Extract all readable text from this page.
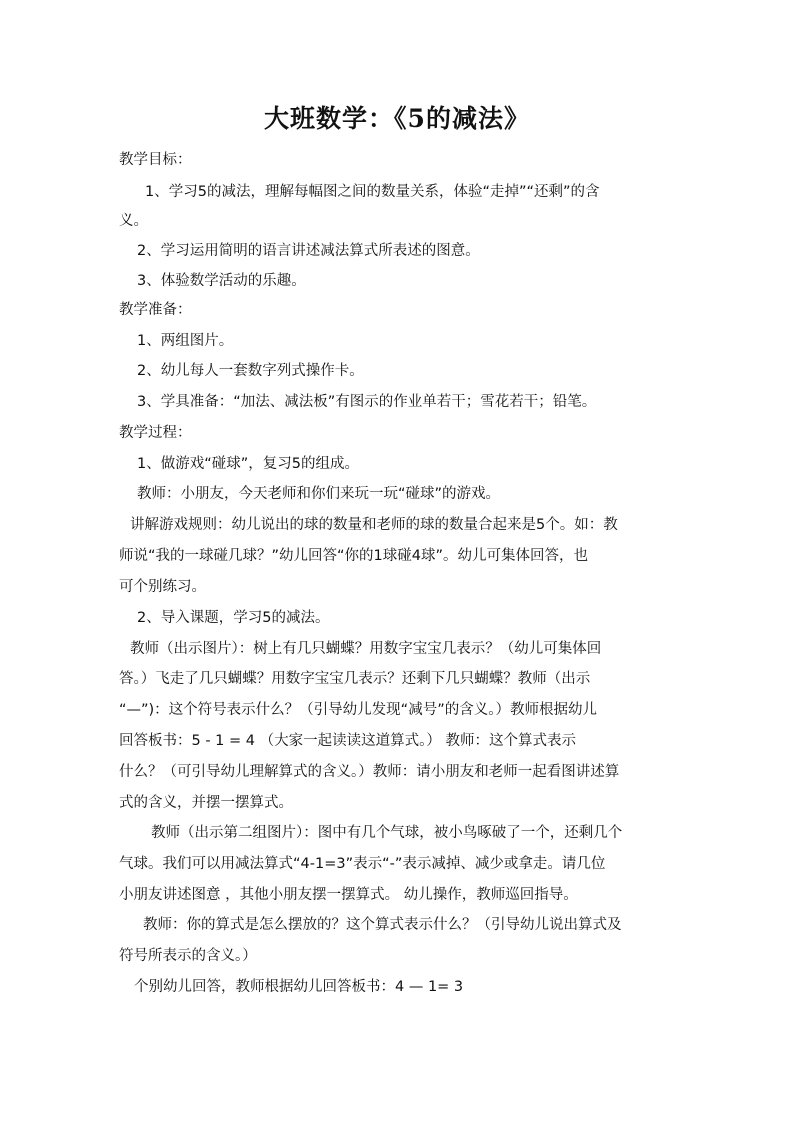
大班数学：《5的减法》
教学目标：
1、学习5的减法，理解每幅图之间的数量关系，体验“走掉”“还剩”的含
义。
2、学习运用简明的语言讲述减法算式所表述的图意。
3、体验数学活动的乐趣。
教学准备：
1、两组图片。
2、幼儿每人一套数字列式操作卡。
3、学具准备：“加法、减法板”有图示的作业单若干；雪花若干；铅笔。
教学过程：
1、做游戏“碰球”，复习5的组成。
教师：小朋友，今天老师和你们来玩一玩“碰球”的游戏。
讲解游戏规则：幼儿说出的球的数量和老师的球的数量合起来是5个。如：教
师说“我的一球碰几球？”幼儿回答“你的1球碰4球”。幼儿可集体回答，也
可个别练习。
2、导入课题，学习5的减法。
教师（出示图片）：树上有几只蝴蝶？用数字宝宝几表示？（幼儿可集体回
答。）飞走了几只蝴蝶？用数字宝宝几表示？还剩下几只蝴蝶？教师（出示
“—”)：这个符号表示什么？（引导幼儿发现“减号”的含义。）教师根据幼儿
回答板书：5 - 1 = 4 （大家一起读读这道算式。） 教师：这个算式表示
什么？（可引导幼儿理解算式的含义。）教师：请小朋友和老师一起看图讲述算
式的含义，并摆一摆算式。
教师（出示第二组图片）：图中有几个气球，被小鸟啄破了一个，还剩几个
气球。我们可以用减法算式“4-1=3”表示“-”表示减掉、减少或拿走。请几位
小朋友讲述图意 ，其他小朋友摆一摆算式。 幼儿操作，教师巡回指导。
教师：你的算式是怎么摆放的？这个算式表示什么？（引导幼儿说出算式及
符号所表示的含义。）
个别幼儿回答，教师根据幼儿回答板书：4 — 1= 3
